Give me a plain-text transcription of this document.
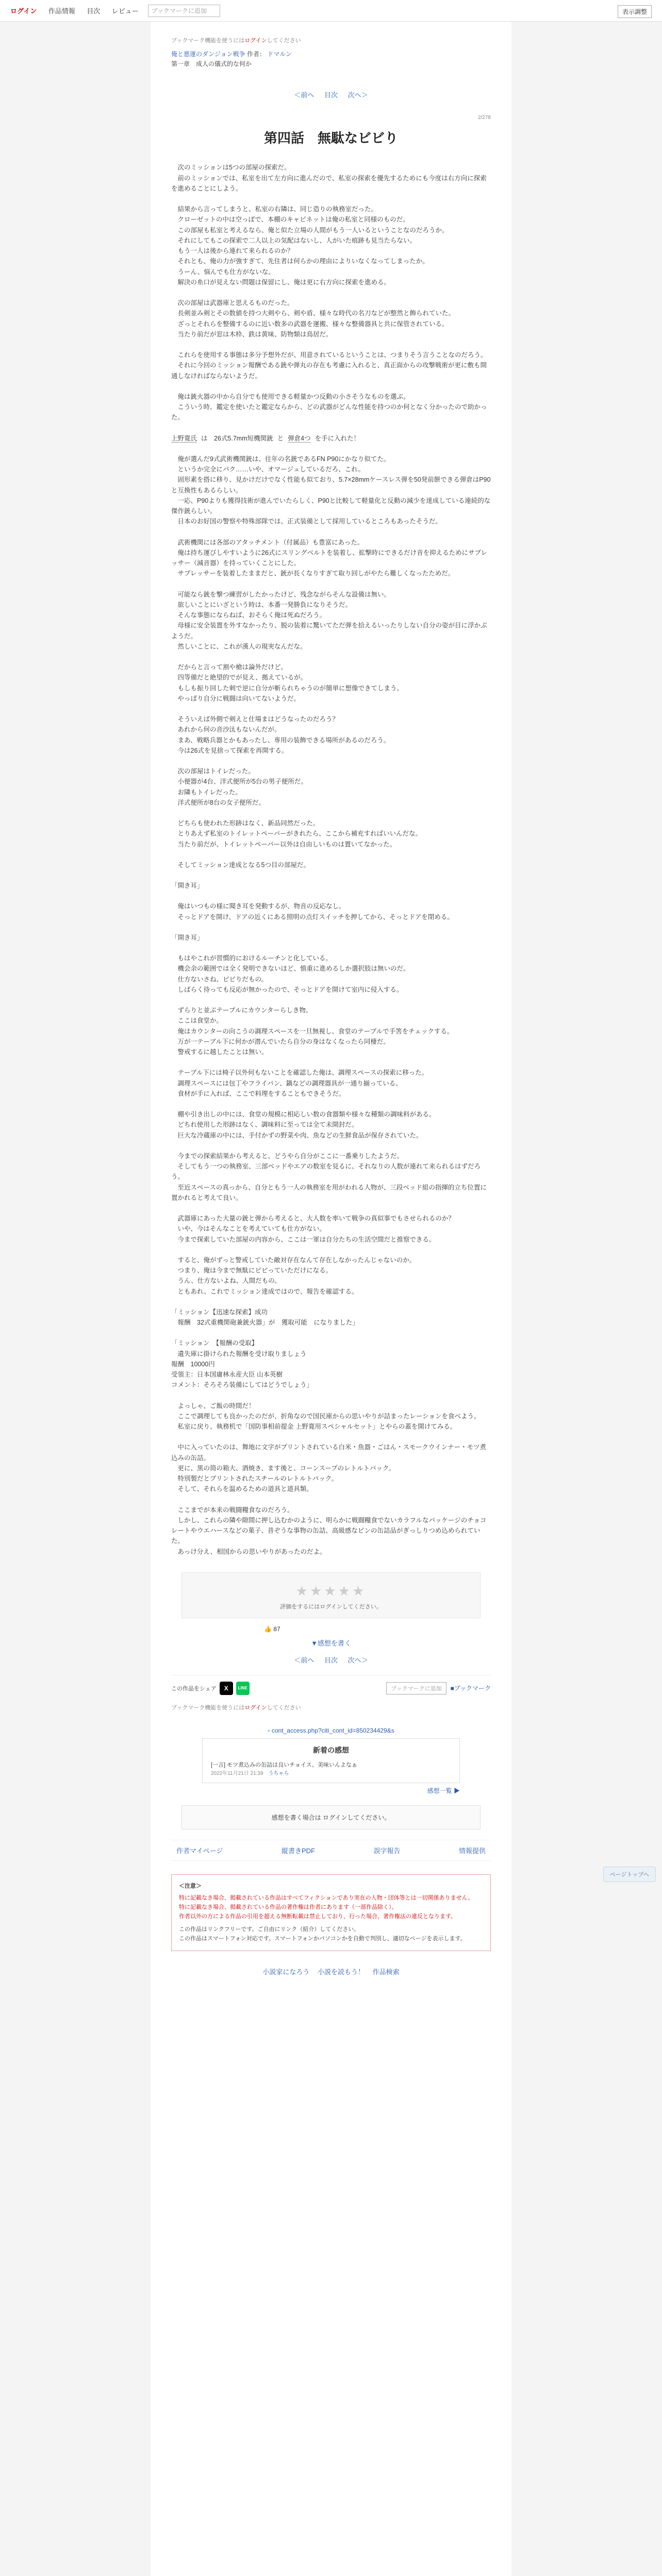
ログイン 作品情報 目次 レビュー	ブックマークに追加	表示調整
ブックマーク機能を使うにはログインしてください
俺と悪運のダンジョン戦争 作者： ドマルン
第一章　成人の儀式的な何か
＜前へ 目次 次へ＞
2/278
第四話　無駄なビビり

　次のミッションは5つの部屋の探索だ。

　前のミッションでは、私室を出て左方向に進んだので、私室の探索を優先するためにも今度は右方向に探索を進めることにしよう。

　結果から言ってしまうと、私室の右隣は、同じ造りの執務室だった。

　クローゼットの中は空っぽで、本棚のキャビネットは俺の私室と同様のものだ。

　この部屋も私室と考えるなら、俺と似た立場の人間がもう一人いるということなのだろうか。

　それにしてもこの探索で二人以上の気配はないし、人がいた痕跡も見当たらない。

　もう一人は後から連れて来られるのか？

　それとも、俺の力が強すぎて、先住者は何らかの理由によりいなくなってしまったか。

　うーん、悩んでも仕方がないな。

　解決の糸口が見えない問題は保留にし、俺は更に右方向に探索を進める。

　次の部屋は武器庫と思えるものだった。

　長剣並み剣とその数値を持つ大剣やら、剣や盾、様々な時代の名刀などが整然と飾られていた。

　ざっとそれらを整備するのに近い数多の武器を運搬、様々な整備器具と共に保管されている。

　当たり前だが窓は木枠、鉄は黄味、防物類は鳥居だ。

　これらを使用する事態は多分予想外だが、用意されているということは、つまりそう言うことなのだろう。

　それに今回のミッション報酬である銃や弾丸の存在も考慮に入れると、真正面からの攻撃戦術が更に敷も開通しなければならないようだ。

　俺は銃火器の中から自分でも使用できる軽量かつ反動の小さそうなものを選ぶ。

　こういう時、鑑定を使いたと鑑定ならから、どの武器がどんな性能を持つのか何となく分かったので助かった。

上野寛氏 は　26式5.7mm短機関銃 と 弾倉4つ を手に入れた！

　俺が選んだ9式武術機関銃は、往年の名銃であるFN P90にかなり似てた。

　というか完全にパク……いや、オマージュしているだろ、これ。

　固形素を搭に移り、見かけだけでなく性能も似ており、5.7×28mmケースレス弾を50発前餅できる弾倉はP90と互換性もあるらしい。

　一応、P90よりも獲得技術が進んでいたらしく、P90と比較して軽量化と反動の減少を達成している連続的な傑作銃らしい。

　日本のお好国の警察や特殊部隊では、正式装備として採用しているところもあったそうだ。

　武術機関には各部のアタッチメント（付属品）も豊富にあった。

　俺は持ち運びしやすいように26式にスリングベルトを装着し、拡撃時にできるだけ音を抑えるためにサプレッサー（減音器）を持っていくことにした。

　サプレッサーを装着したままだと、銃が長くなりすぎて取り回しがやたら難しくなったためだ。

　可能なら銃を撃つ練習がしたかったけど、残念ながらそんな設備は無い。

　旅しいことにいざという時は、本番一発勝負になりそうだ。

　そんな事態にならねば、おそらく俺は死ぬだろう。

　母様に安全装置を外すなかったり、脱の装着に驚いてただ弾を拾えるいったりしない自分の姿が目に浮かぶようだ。

　然しいことに、これが漢人の現実なんだな。

　だからと言って割や槍は論外だけど。

　四等備だと絶望的でが見え、拠えているが。

　もしも振り回した刺で逆に自分が斬られちゃうのが簡単に想像できてしまう。

　やっぱり自分に戦闘は向いてないようだ。

　そういえば外側で剣えと仕場まはどうなったのだろう？

　あれから何の音沙汰もないんだが。

　まあ、戦略兵器とかもあったし、専用の装飾できる場所があるのだろう。

　今は26式を見捨って探索を再開する。

　次の部屋はトイレだった。

　小便器が4台、洋式便所が5台の男子便所だ。

　お隣もトイレだった。

　洋式便所が8台の女子便所だ。

　どちらも使われた形跡はなく、新品同然だった。

　とりあえず私室のトイレットペーパーがきれたら、ここから補充すればいいんだな。

　当たり前だが、トイレットペーパー以外は自由しいものは置いてなかった。

　そしてミッション達成となる5つ目の部屋だ。

「開き耳」

　俺はいつもの様に聞き耳を発動するが、物音の反応なし。

　そっとドアを開け、ドアの近くにある照明の点灯スイッチを押してから、そっとドアを閉める。

「開き耳」

　もはやこれが習慣的におけるルーチンと化している。

　機会余の範囲では全く発明できないほど、慎重に進めるしか選択肢は無いのだ。

　仕方ないさね、ビビりだもの。

　しばらく待っても反応が無かったので、そっとドアを開けて室内に侵入する。

　ずらりと並ぶテーブルにカウンターらしき物。

　ここは食堂か。

　俺はカウンターの向こうの調理スペースを一旦無視し、食堂のテーブルで手筈をチェックする。

　万が一テーブル下に何かが潜んでいたら自分の身はなくなったら同棲だ。

　警戒するに越したことは無い。

　テーブル下には椅子以外何もないことを確認した俺は、調理スペースの探索に移った。

　調理スペースには包丁やフライパン、鍋などの調理器具が一通り揃っている。

　食材が手に入れば、ここで料理をすることもできそうだ。

　棚や引き出しの中には、食堂の規模に相応しい数の食器類や様々な種類の調味料がある。

　どちれ使用した形跡はなく、調味料に至っては全て未開封だ。

　巨大な冷蔵庫の中には、手付かずの野菜や肉、魚などの生鮮食品が保存されていた。

　今までの探索結果から考えると、どうやら自分がここに一番乗りしたようだ。

　そしてもう一つの執務室、三部ベッドやエアの数室を見るに、それなりの人数が連れて来られるはずだろう。

　至近スペースの真っから、自分ともう一人の執務室を用がわれる人物が、三段ベッド組の指揮的立ち位置に置かれると考えて良い。

　武器庫にあった大量の銃と弾から考えると、大人数を率いて戦争の真似事でもさせられるのか？

　いや、今はそんなことを考えていても仕方がない。

　今まで探索していた部屋の内容から、ここは一軍は自分たちの生活空間だと推察できる。

　すると、俺がずっと警戒していた敵対存在なんて存在しなかったんじゃないのか。

　つまり、俺は今まで無駄にビビっていただけになる。

　うん、仕方ないよね、人間だもの。

　ともあれ、これでミッション達成ではので、報告を確認する。

「ミッション【迅速な探索】成功

　報酬　32式重機関砲兼銃火器」が　獲取可能　になりました」

「ミッション　【報酬の受取】

　遺失庫に掛けられた報酬を受け取りましょう

報酬　10000円

受領主：日本国庸林永産大臣 山本英樹

コメント：そろそろ装備にしてはどうでしょう」

　よっしゃ、ご飯の時間だ！

　ここで調理しても良かったのだが、折角なので国民庫からの思いやりが詰まったレーションを食べよう。

　私室に戻り、執務机で「国防事相前提金 上野寛用スペシャルセット」とやらの蓋を開けてみる。

　中に入っていたのは、舞地に文字がプリントされている白米・魚器・ごはん・スモークウインナー・モツ煮込みの缶詰。

　更に、黒の筒の箱大、酒焼き、ます後と、コーンスープのレトルトパック。

　特別製だとプリントされたスチールのレトルトパック。

　そして、それらを温めるための道具と道具類。

　ここまでが本来の戦闘糧食なのだろう。

　しかし、これらの隣や隙間に押し込むかのように、明らかに戦闘糧食でないカラフルなパッケージのチョコレートやウエハースなどの菓子、昔ぞうな事物の缶詰、高級感なビンの缶詰品がぎっしりつめ込められていた。

　あっけ分え、相国からの思いやりがあったのだよ。

★★★★★
評価をするにはログインしてください。
👍 87
▼感想を書く
＜前へ 目次 次へ＞
この作品をシェア	X	LINE	ブックマークに追加	■ブックマーク
ブックマーク機能を使うにはログインしてください
▫ cont_access.php?citi_cont_id=850234429&s
新着の感想
[一言] モツ煮込みの缶詰は良いチョイス。美味いんよなぁ
2022年11月21日 21:39　 うちゃら
感想一覧 ▶
感想を書く場合は ログインしてください。
作者マイページ	縦書きPDF	誤字報告	情報提供
＜注意＞
特に記載なき場合、掲載されている作品はすべてフィクションであり実在の人物・団体等とは一切関係ありません。
特に記載なき場合、掲載されている作品の著作権は作者にあります（一部作品除く）。
作者以外の方による作品の引用を超える無断転載は禁止しており、行った場合、著作権法の違反となります。
この作品はリンクフリーです。ご自由にリンク（紹介）してください。
この作品はスマートフォン対応です。スマートフォンかパソコンかを自動で判別し、適切なページを表示します。
小説家になろう 小説を読もう！ 作品検索
ページトップへ
